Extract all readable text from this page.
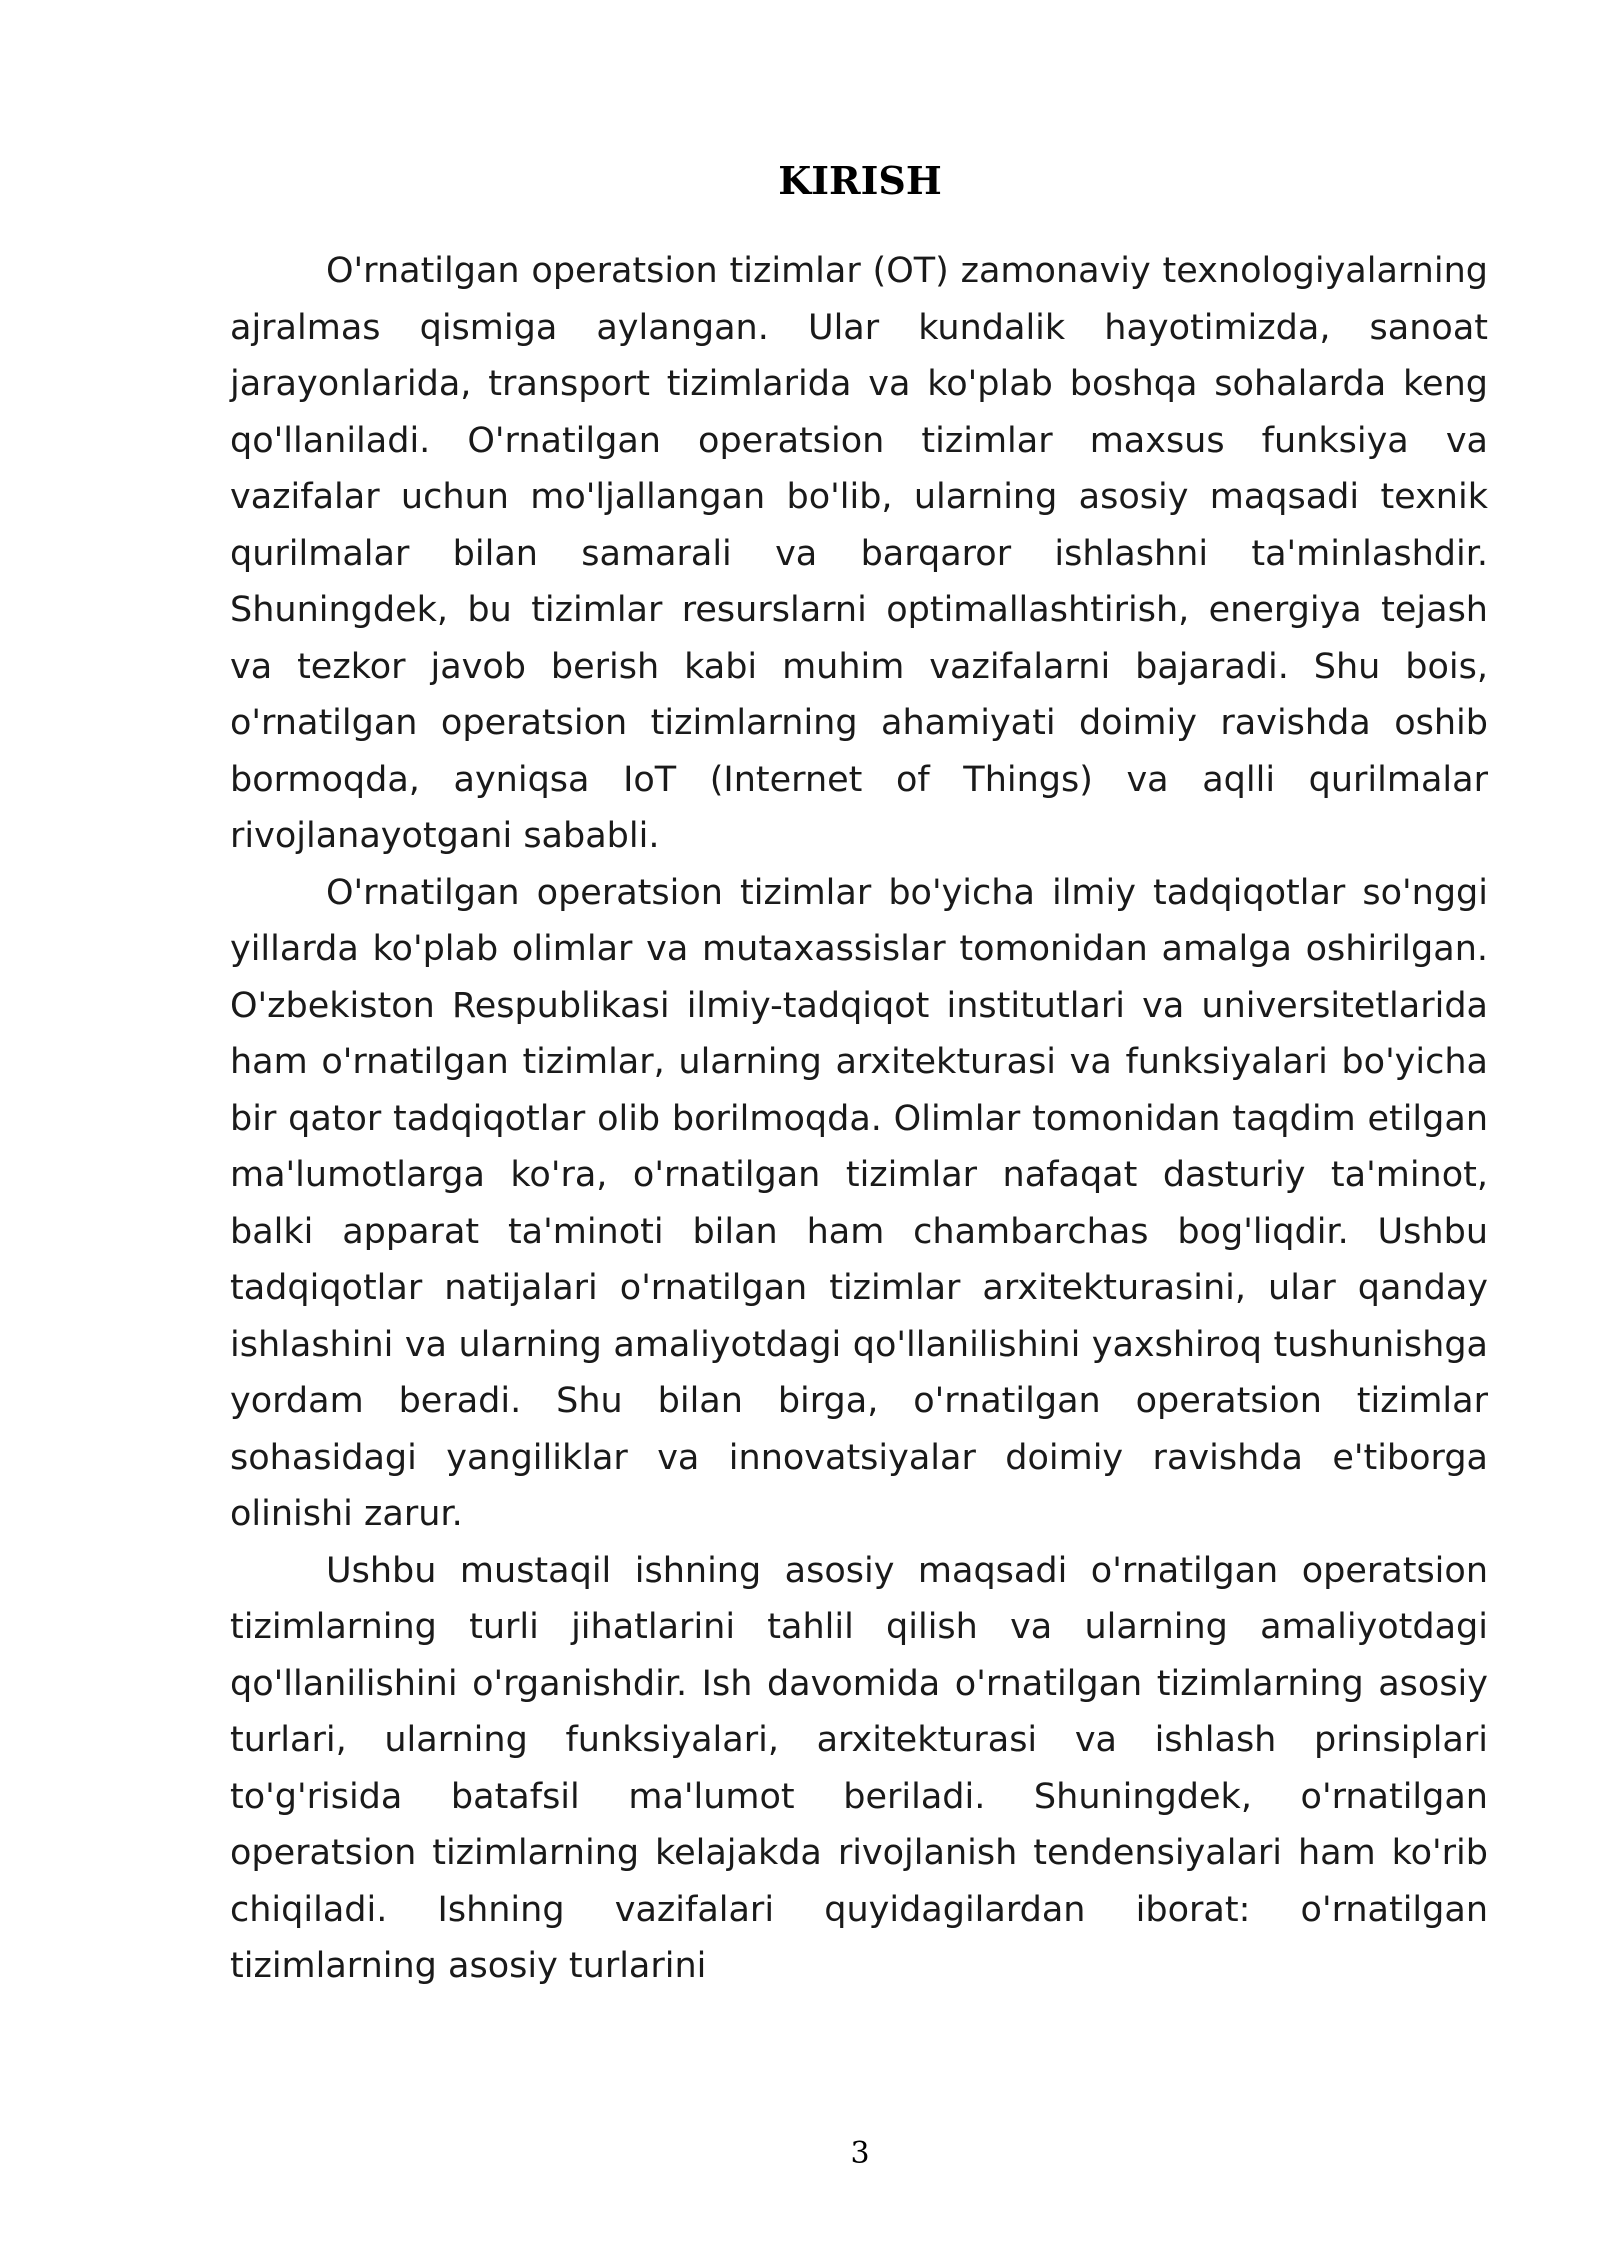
KIRISH

O'rnatilgan operatsion tizimlar (OT) zamonaviy texnologiyalarning ajralmas qismiga aylangan. Ular kundalik hayotimizda, sanoat jarayonlarida, transport tizimlarida va ko'plab boshqa sohalarda keng qo'llaniladi. O'rnatilgan operatsion tizimlar maxsus funksiya va vazifalar uchun mo'ljallangan bo'lib, ularning asosiy maqsadi texnik qurilmalar bilan samarali va barqaror ishlashni ta'minlashdir. Shuningdek, bu tizimlar resurslarni optimallashtirish, energiya tejash va tezkor javob berish kabi muhim vazifalarni bajaradi. Shu bois, o'rnatilgan operatsion tizimlarning ahamiyati doimiy ravishda oshib bormoqda, ayniqsa IoT (Internet of Things) va aqlli qurilmalar rivojlanayotgani sababli.

O'rnatilgan operatsion tizimlar bo'yicha ilmiy tadqiqotlar so'nggi yillarda ko'plab olimlar va mutaxassislar tomonidan amalga oshirilgan. O'zbekiston Respublikasi ilmiy-tadqiqot institutlari va universitetlarida ham o'rnatilgan tizimlar, ularning arxitekturasi va funksiyalari bo'yicha bir qator tadqiqotlar olib borilmoqda. Olimlar tomonidan taqdim etilgan ma'lumotlarga ko'ra, o'rnatilgan tizimlar nafaqat dasturiy ta'minot, balki apparat ta'minoti bilan ham chambarchas bog'liqdir. Ushbu tadqiqotlar natijalari o'rnatilgan tizimlar arxitekturasini, ular qanday ishlashini va ularning amaliyotdagi qo'llanilishini yaxshiroq tushunishga yordam beradi. Shu bilan birga, o'rnatilgan operatsion tizimlar sohasidagi yangiliklar va innovatsiyalar doimiy ravishda e'tiborga olinishi zarur.

Ushbu mustaqil ishning asosiy maqsadi o'rnatilgan operatsion tizimlarning turli jihatlarini tahlil qilish va ularning amaliyotdagi qo'llanilishini o'rganishdir. Ish davomida o'rnatilgan tizimlarning asosiy turlari, ularning funksiyalari, arxitekturasi va ishlash prinsiplari to'g'risida batafsil ma'lumot beriladi. Shuningdek, o'rnatilgan operatsion tizimlarning kelajakda rivojlanish tendensiyalari ham ko'rib chiqiladi. Ishning vazifalari quyidagilardan iborat: o'rnatilgan tizimlarning asosiy turlarini

3
